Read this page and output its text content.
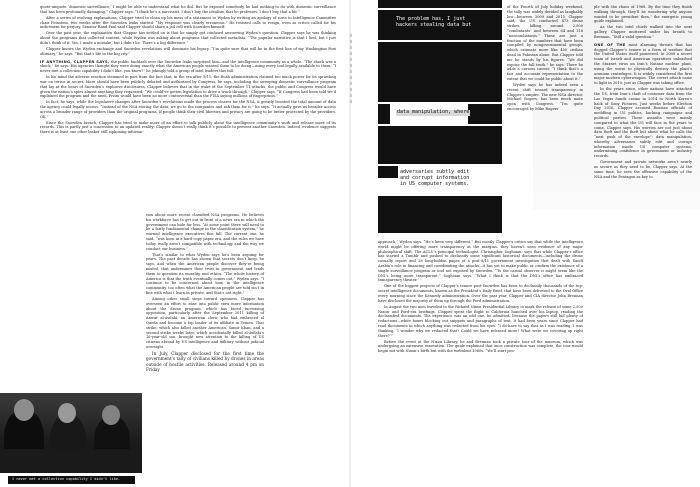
quote-unquote ‘domestic surveillance,’ I might be able to understand what he did. But he exposed somebody he had nothing to do with domestic surveillance that has been profoundly damaging,” Clapper says. “I think he’s a narcissist. I don’t buy the idealism that he professes. I don’t buy that a bit.”

After a series of evolving explanations, Clapper tried to clean up his mess of a statement to Wyden by writing an apology of sorts to Intelligence Committee chair Feinstein, two weeks after the Snowden leaks started: “My response was clearly erroneous.” He resisted calls to resign, even as critics called for his indictment for perjury. Senator Rand Paul said Clapper should share a jail cell with Snowden himself.

Over the past year, the explanation that Clapper has settled on is that he simply got confused answering Wyden’s question. Clapper says he was thinking about the programs that collected content, while Wyden was asking about programs that collected metadata. “The popular narrative is that I lied, but I just didn’t think of it. Yes, I made a mistake, but I didn’t lie. There’s a big difference.”

Clapper knows the Wyden exchange and Snowden revelations will dominate his legacy. “I’m quite sure that will be in the first line of my Washington Post obituary,” he says. “But that’s life in the big city.”

IF ANYTHING, CLAPPER SAYS, the public backlash over the Snowden leaks surprised him—and the intelligence community as a whole. “The shock was a shock,” he says. His agencies thought they were doing exactly what the American people wanted them to be doing—using every tool legally available to them. “I never met a collection capability I didn’t like, you know?” he jokingly told a group of intel leaders this fall.

In his mind the adverse reaction stemmed in part from the fact that, in the era after 9/11, the Bush administration claimed too much power for its sprawling war on terror in secret. More should have been publicly debated and authorized by Congress, he says, including the sweeping domestic surveillance program that lay at the heart of Snowden’s explosive disclosures. Clapper believes that in the wake of the September 11 attacks, the public and Congress would have given the nation’s spies almost anything they requested. “We could’ve gotten legislation to drive a truck through,” Clapper says. “If Congress had been told we’d explained the program and the need, Prism would have been no more controversial than the FISA saying millions of fingerprints.”

In fact, he says, while the legislative changes after Snowden’s revelations made the process clearer for the NSA, it greatly boosted the total amount of data the agency could legally access. “Instead of the NSA storing the data, we go to the companies and ask them for it,” he says. “It actually gave us broader access across a broader range of providers than the original programs. If people think their civil liberties and privacy are going to be better protected by the providers, OK.”

Since the Snowden breach, Clapper has tried to make more of an effort to talk publicly about the intelligence community’s work and release more of its records. This is partly just a concession to an updated reality: Clapper doesn’t really think it’s possible to prevent another Snowden. Indeed, evidence suggests there is at least one other leaker still siphoning informa-

tion about more recent classified NSA programs. He believes his workforce has to get out in front of a news era in which the government can hide far less. “At some point there will need to be a fairly fundamental change in the classification system,” he warned intelligence executives this fall. The current one, he said, “was born in a hard-copy paper era, and the rules we have today really aren’t compatible with technology and the way we conduct our business.”

That’s similar to what Wyden says he’s been arguing for years. The past decade has shown that secrets don’t keep, he says, and when the American people discover they’re being misled, that undermines their trust in government and leads them to question its morality and ethics. “The whole history of America is that the truth eventually comes out,” Wyden says. “I continue to be concerned about how, in the intelligence community, too often what the American people are told isn’t in line with what I learn in private, and that’s not right.”

Among other small steps toward openness, Clapper has overseen an effort to ease into public view more information about the drone program, which has faced increasing opposition, particularly after the September 2011 killing of Anwar al-Awlaki, an American cleric who had embraced al Qaeda and become a top leader of its affiliate in Yemen. That strike, which also killed another American, Samir Khan, and a second strike weeks later, which accidentally killed al-Awlaki’s 16-year-old son, brought new attention to the killing of US citizens abroad by US intelligence and military without judicial oversight.

In July, Clapper disclosed for the first time the government’s tally of civilians killed by drones in areas outside of hostile activities. Released around 4 pm on Friday

I never met a collection capability I didn’t like.
The problem has, I just
hackers stealing data but
data manipulation, where
adversaries subtly edit
and corrupt information
in US computer systems.

of the Fourth of July holiday weekend, the tally was widely derided as laughably low—between 2009 and 2015, Clapper said, the US conducted 473 drone strikes, killing around 2,500 “combatants” and between 64 and 116 “noncombatants.” These are just a fraction of the numbers that have been compiled by nongovernmental groups, which estimate more like 450 civilian dead in Pakistan alone. But Clapper told me he stands by his figures. “We did expose the full truth,” he says. There he adds a curious caveat: “I think that’s a fair and accurate representation to the extent that we could be public about it.”

Wyden says he has indeed seen a recent shift toward transparency in Clapper’s empire. The new NSA director, Michael Rogers, has been much more open with Congress. “I’m quite encouraged by Mike Rogers’

approach,” Wyden says. “He’s been very different.” But mostly Clapper’s critics say that while the intelligence world might be offering more transparency at the margins, they haven’t seen evidence of any major philosophical shift. The ACLU’s principal technologist, Christopher Soghoian, says that while Clapper’s office has started a Tumblr and pushed to declassify some significant historical documents—including the drone casualty report and 28 long-hidden pages of a post-9/11 government investigation that dealt with Saudi Arabia’s role in financing and coordinating the attacks—it has yet to make public or confirm the existence of a single surveillance program or tool not exposed by Snowden. “To the casual observer it might seem like the DNI’s being more transparent,” Soghoian says. “What I think is that the DNI’s office has embraced transparency theater.”

One of the biggest projects of Clapper’s tenure post-Snowden has been to declassify thousands of the top-secret intelligence documents, known as the President’s Daily Brief, that have been delivered to the Oval Office every morning since the Kennedy administration. Over the past year, Clapper and CIA director John Brennan have disclosed the majority of them up through the Ford administration.

In August the two men traveled to the Richard Nixon Presidential Library to mark the release of some 2,500 Nixon- and Ford-era briefings. Clapper spent the flight to California hunched over his laptop, reading the declassified documents. The experience was an odd one, he admitted, because the papers still bid plenty of redactions—white boxes blocking out snippets and paragraphs of text. It had been years since Clapper had read documents in which anything was redacted from his eyes. “I do have to say that as I was reading, I was thinking, ‘I wonder why we redacted that? Could we have released more? What were we covering up right there?’”

Before the event at the Nixon Library, he and Brennan took a private tour of the museum, which was undergoing an extensive renovation. The guide explained that once construction was complete, the tour would begin not with Nixon’s birth but with the turbulent 1960s. “We’ll start peo-

ple with the chaos of 1968. By the time they finish walking through, they’ll be wondering why anyone wanted to be president then,” the energetic young guide explained.

As the two intel chiefs walked into the next gallery, Clapper muttered under his breath to Brennan, “Still a valid question.”

ONE OF THE most alarming threats that has dogged Clapper’s tenure is a form of warfare that the United States itself pioneered. In 2008 a secret team of Israeli and American operatives unleashed the Stuxnet virus on Iran’s Natanz nuclear plant, using the worm to physically destroy the plant’s uranium centrifuges. It is widely considered the first major modern cyberweapon. The covert attack came to light in 2010, just as Clapper was taking office.

In the years since, other nations have attacked the US, from Iran’s theft of customer data from the Las Vegas Sands casino in 2014 to North Korea’s hack of Sony Pictures. Just weeks before Election Day 2016, Clapper accused Russian officials of meddling in US politics, hacking campaigns and political parties. These assaults were mainly compared to what the US will face in the years to come, Clapper says. His worries are not just about data theft and the theft but about what he calls the “next push of the envelope”: data manipulation, whereby adversaries subtly edit and corrupt information inside US computer systems, undermining confidence in government or industry records.

Government and private networks aren’t nearly as secure as they need to be, Clapper says. At the same time, he sees the offensive capability of the NSA and the Pentagon as key to
